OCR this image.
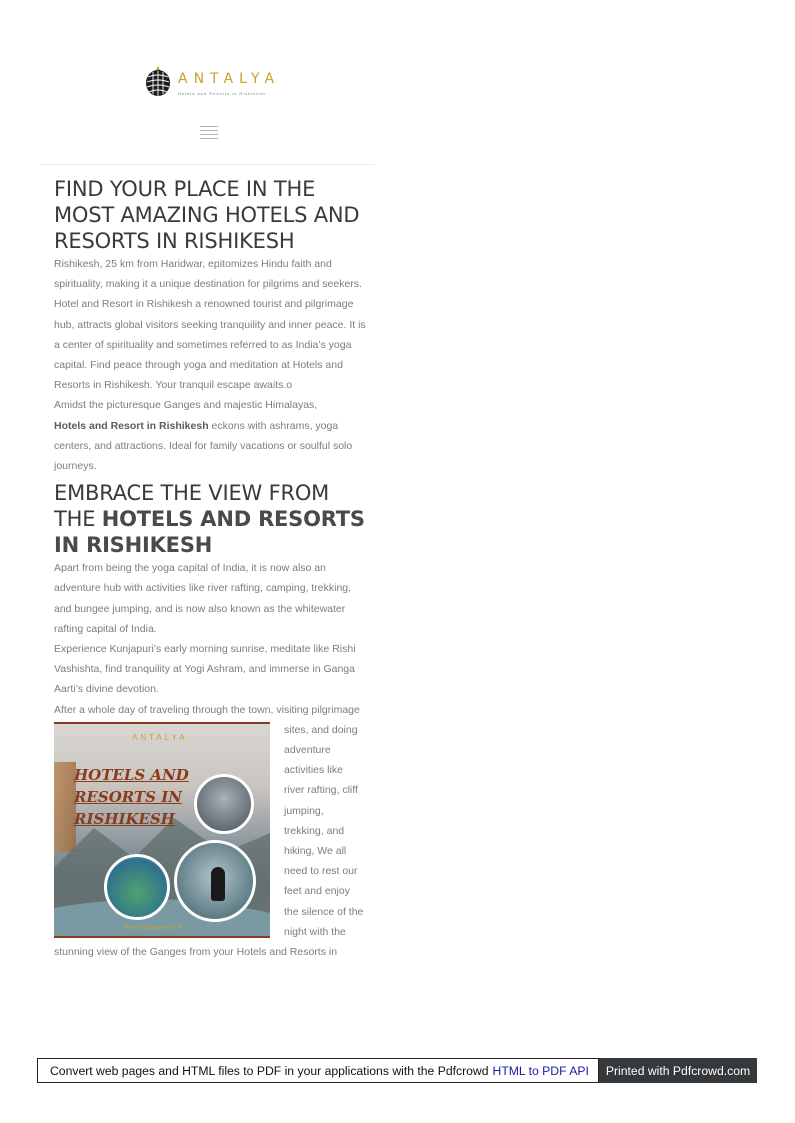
ANTALYA
Hotels and Resorts in Rishikesh
FIND YOUR PLACE IN THE MOST AMAZING HOTELS AND RESORTS IN RISHIKESH

Rishikesh, 25 km from Haridwar, epitomizes Hindu faith and spirituality, making it a unique destination for pilgrims and seekers.

Hotel and Resort in Rishikesh a renowned tourist and pilgrimage hub, attracts global visitors seeking tranquility and inner peace. It is a center of spirituality and sometimes referred to as India’s yoga capital. Find peace through yoga and meditation at Hotels and Resorts in Rishikesh. Your tranquil escape awaits.o

Amidst the picturesque Ganges and majestic Himalayas,
Hotels and Resort in Rishikesh eckons with ashrams, yoga centers, and attractions. Ideal for family vacations or soulful solo journeys.

EMBRACE THE VIEW FROM THE HOTELS AND RESORTS IN RISHIKESH

Apart from being the yoga capital of India, it is now also an adventure hub with activities like river rafting, camping, trekking, and bungee jumping, and is now also known as the whitewater rafting capital of India.

Experience Kunjapuri’s early morning sunrise, meditate like Rishi Vashishta, find tranquility at Yogi Ashram, and immerse in Ganga Aarti’s divine devotion.

After a whole day of traveling through the town, visiting
ANTALYA
HOTELS AND
RESORTS IN
RISHIKESH
www.antalyaresorts.in
pilgrimage sites, and doing adventure activities like river rafting, cliff jumping, trekking, and hiking, We all need to rest our feet and enjoy the silence of the night with the stunning view of the Ganges from your Hotels and Resorts in

Convert web pages and HTML files to PDF in your applications with the Pdfcrowd HTML to PDF API	Printed with Pdfcrowd.com
